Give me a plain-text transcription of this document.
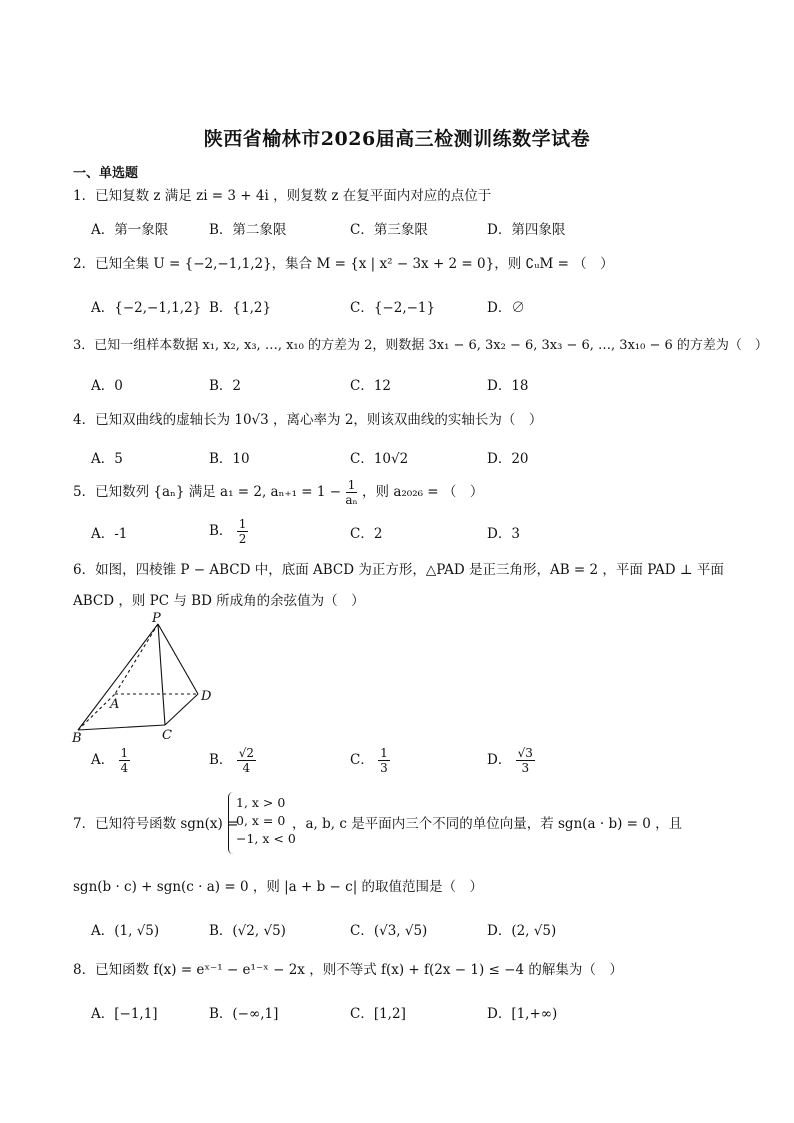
陕西省榆林市2026届高三检测训练数学试卷
一、单选题
1．已知复数 z 满足 zi = 3 + 4i ，则复数 z 在复平面内对应的点位于
A．第一象限	B．第二象限	C．第三象限	D．第四象限
2．已知全集 U = {−2,−1,1,2}，集合 M = {x | x² − 3x + 2 = 0}，则 ∁ᵤM = （　）
A．{−2,−1,1,2} B．{1,2}	C．{−2,−1}	D．∅
3．已知一组样本数据 x₁, x₂, x₃, …, x₁₀ 的方差为 2，则数据 3x₁ − 6, 3x₂ − 6, 3x₃ − 6, …, 3x₁₀ − 6 的方差为（　）
A．0	B．2	C．12	D．18
4．已知双曲线的虚轴长为 10√3 ，离心率为 2，则该双曲线的实轴长为（　）
A．5	B．10	C．10√2	D．20
5．已知数列 {aₙ} 满足 a₁ = 2, $a_{n+1} = 1 - \frac{1}{\text{aₙ}}$ ，则 a₂₀₂₆ = （　）
A．-1	B． $\frac{1}{2}$	C．2	D．3
6．如图，四棱锥 P − ABCD 中，底面 ABCD 为正方形，△PAD 是正三角形，AB = 2 ，平面 PAD ⊥ 平面
ABCD ，则 PC 与 BD 所成角的余弦值为（　）
P
A
D
B	C
A． $\frac{1}{4}$	B． $\frac{√2}{4}$	C． $\frac{1}{3}$	D． $\frac{√3}{3}$
7．已知符号函数 sgn(x) =
1, x > 0
0, x = 0
−1, x < 0
，a, b, c 是平面内三个不同的单位向量，若 sgn(a · b) = 0 ，且
sgn(b · c) + sgn(c · a) = 0 ，则 |a + b − c| 的取值范围是（　）
A．(1, √5)	B．(√2, √5)	C．(√3, √5)	D．(2, √5)
8．已知函数 f(x) = eˣ⁻¹ − e¹⁻ˣ − 2x ，则不等式 f(x) + f(2x − 1) ≤ −4 的解集为（　）
A．[−1,1]	B．(−∞,1]	C．[1,2]	D．[1,+∞)
